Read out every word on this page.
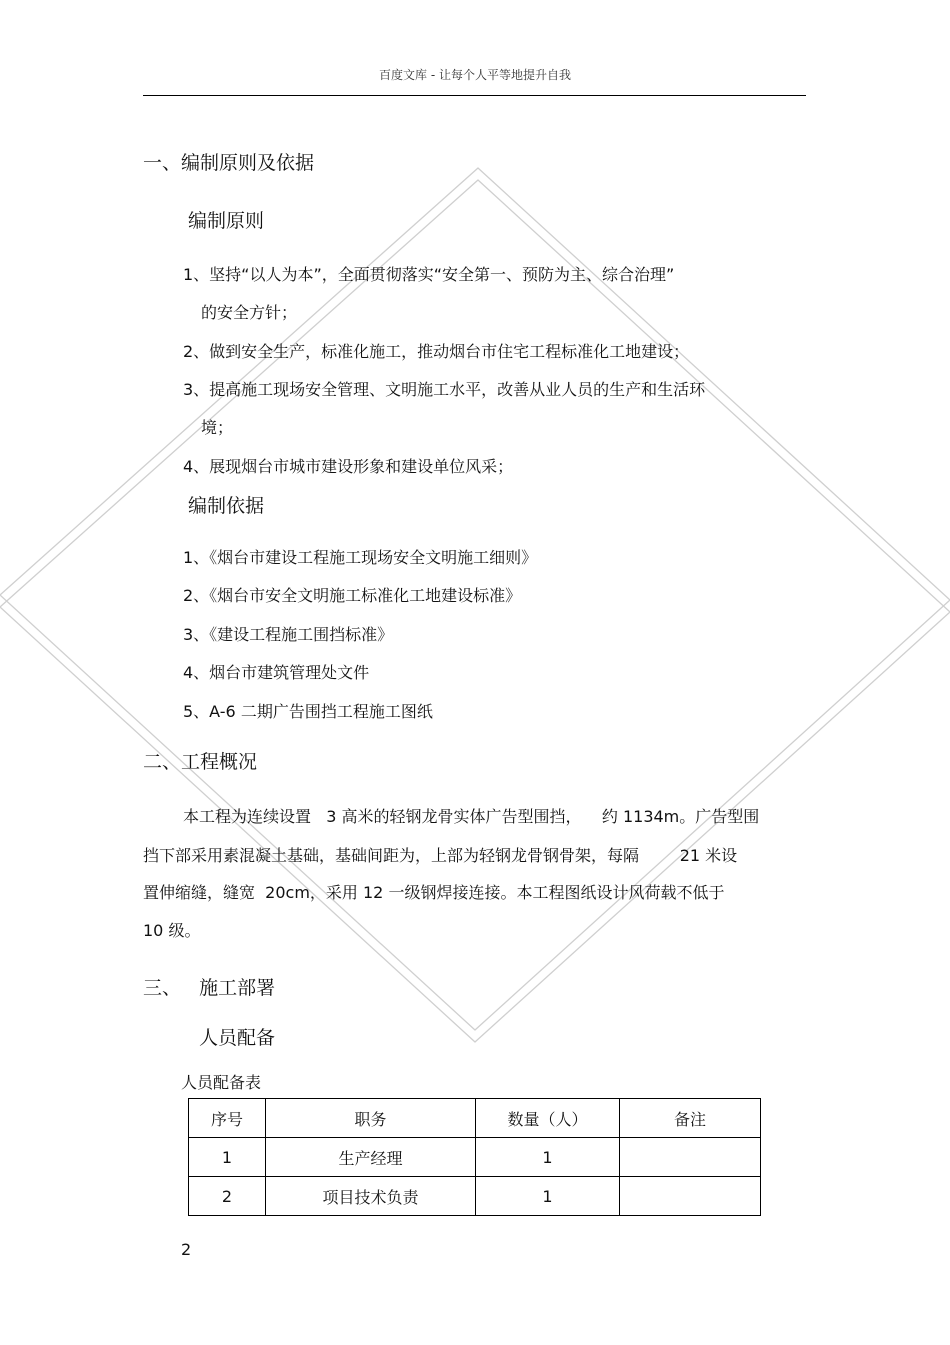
百度文库 - 让每个人平等地提升自我
一、编制原则及依据
编制原则
1、坚持“以人为本”，全面贯彻落实“安全第一、预防为主、综合治理”
的安全方针；
2、做到安全生产，标准化施工，推动烟台市住宅工程标准化工地建设；
3、提高施工现场安全管理、文明施工水平，改善从业人员的生产和生活环
境；
4、展现烟台市城市建设形象和建设单位风采；
编制依据
1、《烟台市建设工程施工现场安全文明施工细则》
2、《烟台市安全文明施工标准化工地建设标准》
3、《建设工程施工围挡标准》
4、烟台市建筑管理处文件
5、A-6 二期广告围挡工程施工图纸
二、工程概况
本工程为连续设置   3 高米的轻钢龙骨实体广告型围挡，    约 1134m。广告型围
挡下部采用素混凝土基础，基础间距为，上部为轻钢龙骨钢骨架，每隔        21 米设
置伸缩缝，缝宽  20cm，采用 12 一级钢焊接连接。本工程图纸设计风荷载不低于
10 级。
三、   施工部署
人员配备
人员配备表
序号	职务	数量（人）	备注
1	生产经理	1	
2	项目技术负责	1	
2
